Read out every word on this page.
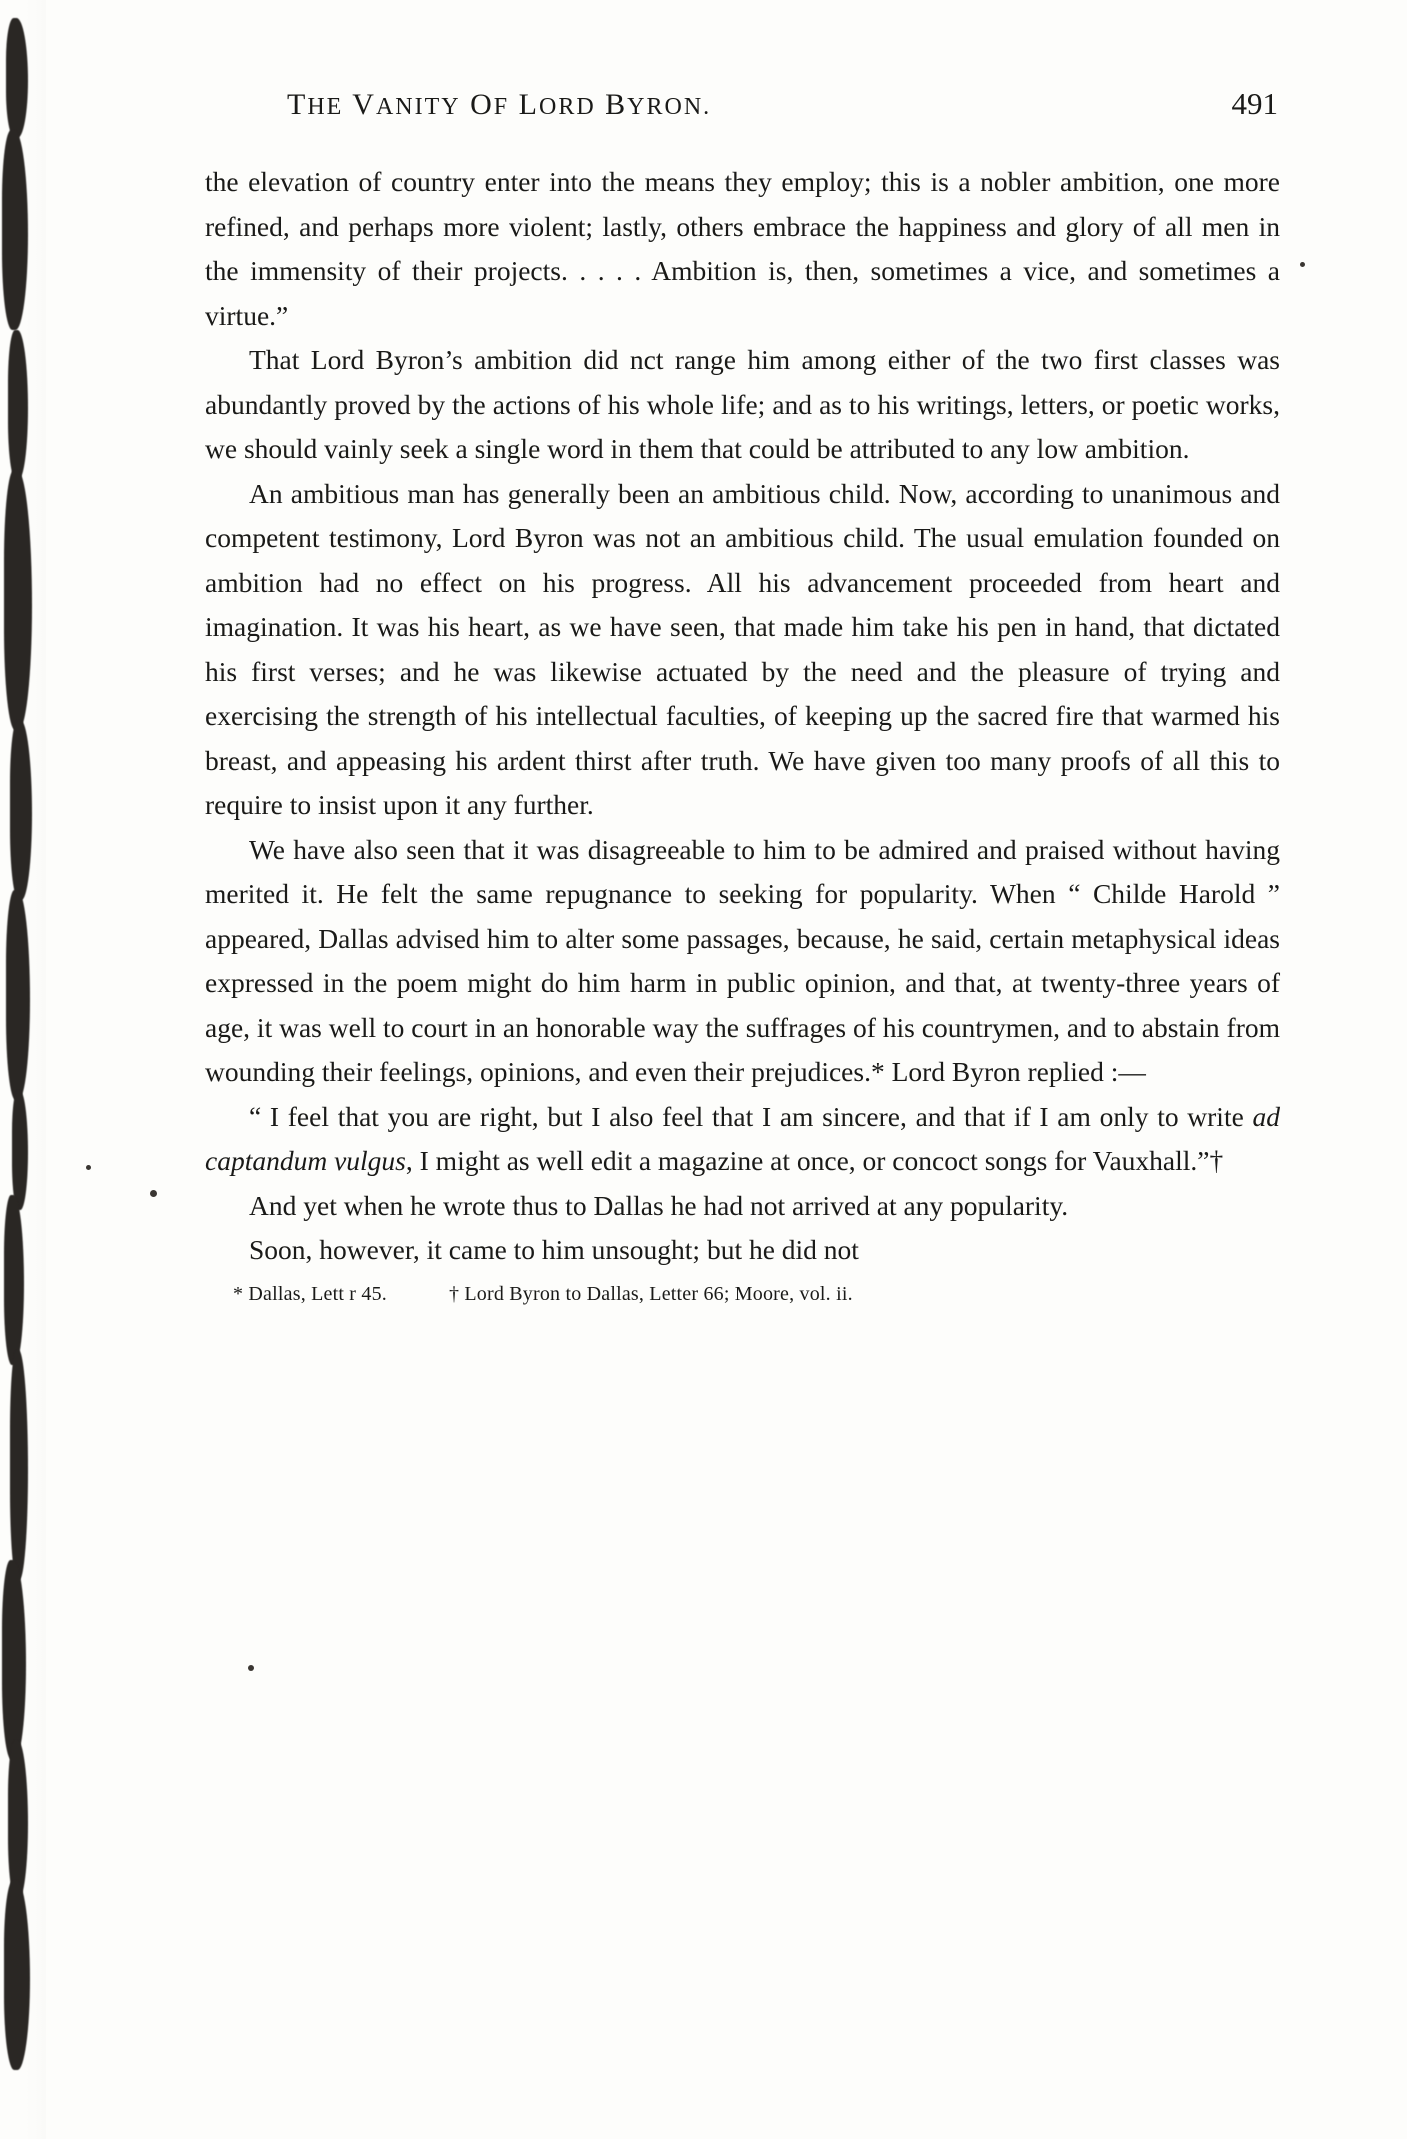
THE VANITY OF LORD BYRON.	491

the elevation of country enter into the means they employ; this is a nobler ambition, one more refined, and perhaps more violent; lastly, others embrace the happiness and glory of all men in the immensity of their projects. . . . . Ambition is, then, sometimes a vice, and sometimes a virtue.”

That Lord Byron’s ambition did nct range him among either of the two first classes was abundantly proved by the actions of his whole life; and as to his writings, letters, or poetic works, we should vainly seek a single word in them that could be attributed to any low ambition.

An ambitious man has generally been an ambitious child. Now, according to unanimous and competent testimony, Lord Byron was not an ambitious child. The usual emulation founded on ambition had no effect on his progress. All his advancement proceeded from heart and imagination. It was his heart, as we have seen, that made him take his pen in hand, that dictated his first verses; and he was likewise actuated by the need and the pleasure of trying and exercising the strength of his intellectual faculties, of keeping up the sacred fire that warmed his breast, and appeasing his ardent thirst after truth. We have given too many proofs of all this to require to insist upon it any further.

We have also seen that it was disagreeable to him to be admired and praised without having merited it. He felt the same repugnance to seeking for popularity. When “ Childe Harold ” appeared, Dallas advised him to alter some passages, because, he said, certain metaphysical ideas expressed in the poem might do him harm in public opinion, and that, at twenty-three years of age, it was well to court in an honorable way the suffrages of his countrymen, and to abstain from wounding their feelings, opinions, and even their prejudices.* Lord Byron replied :—

“ I feel that you are right, but I also feel that I am sincere, and that if I am only to write ad captandum vulgus, I might as well edit a magazine at once, or concoct songs for Vauxhall.”†

And yet when he wrote thus to Dallas he had not arrived at any popularity.

Soon, however, it came to him unsought; but he did not

* Dallas, Lett r 45.	† Lord Byron to Dallas, Letter 66; Moore, vol. ii.
